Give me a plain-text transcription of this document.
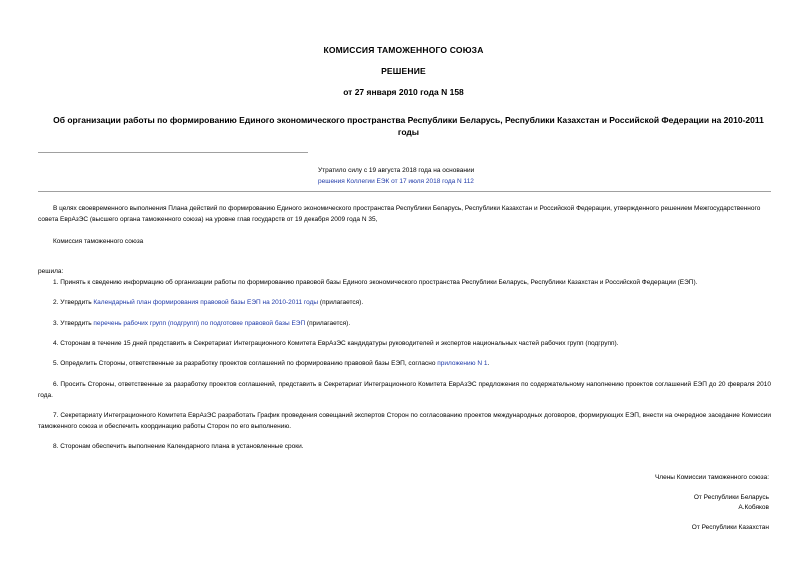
КОМИССИЯ ТАМОЖЕННОГО СОЮЗА
РЕШЕНИЕ
от 27 января 2010 года N 158
Об организации работы по формированию Единого экономического пространства Республики Беларусь, Республики Казахстан и Российской Федерации на 2010-2011 годы
Утратило силу с 19 августа 2018 года на основании
решения Коллегии ЕЭК от 17 июля 2018 года N 112
В целях своевременного выполнения Плана действий по формированию Единого экономического пространства Республики Беларусь, Республики Казахстан и Российской Федерации, утвержденного решением Межгосударственного совета ЕврАзЭС (высшего органа таможенного союза) на уровне глав государств от 19 декабря 2009 года N 35,
Комиссия таможенного союза
решила:
1. Принять к сведению информацию об организации работы по формированию правовой базы Единого экономического пространства Республики Беларусь, Республики Казахстан и Российской Федерации (ЕЭП).
2. Утвердить Календарный план формирования правовой базы ЕЭП на 2010-2011 годы (прилагается).
3. Утвердить перечень рабочих групп (подгрупп) по подготовке правовой базы ЕЭП (прилагается).
4. Сторонам в течение 15 дней представить в Секретариат Интеграционного Комитета ЕврАзЭС кандидатуры руководителей и экспертов национальных частей рабочих групп (подгрупп).
5. Определить Стороны, ответственные за разработку проектов соглашений по формированию правовой базы ЕЭП, согласно приложению N 1.
6. Просить Стороны, ответственные за разработку проектов соглашений, представить в Секретариат Интеграционного Комитета ЕврАзЭС предложения по содержательному наполнению проектов соглашений ЕЭП до 20 февраля 2010 года.
7. Секретариату Интеграционного Комитета ЕврАзЭС разработать График проведения совещаний экспертов Сторон по согласованию проектов международных договоров, формирующих ЕЭП, внести на очередное заседание Комиссии таможенного союза и обеспечить координацию работы Сторон по его выполнению.
8. Сторонам обеспечить выполнение Календарного плана в установленные сроки.
Члены Комиссии таможенного союза:
От Республики Беларусь
А.Кобяков
От Республики Казахстан
